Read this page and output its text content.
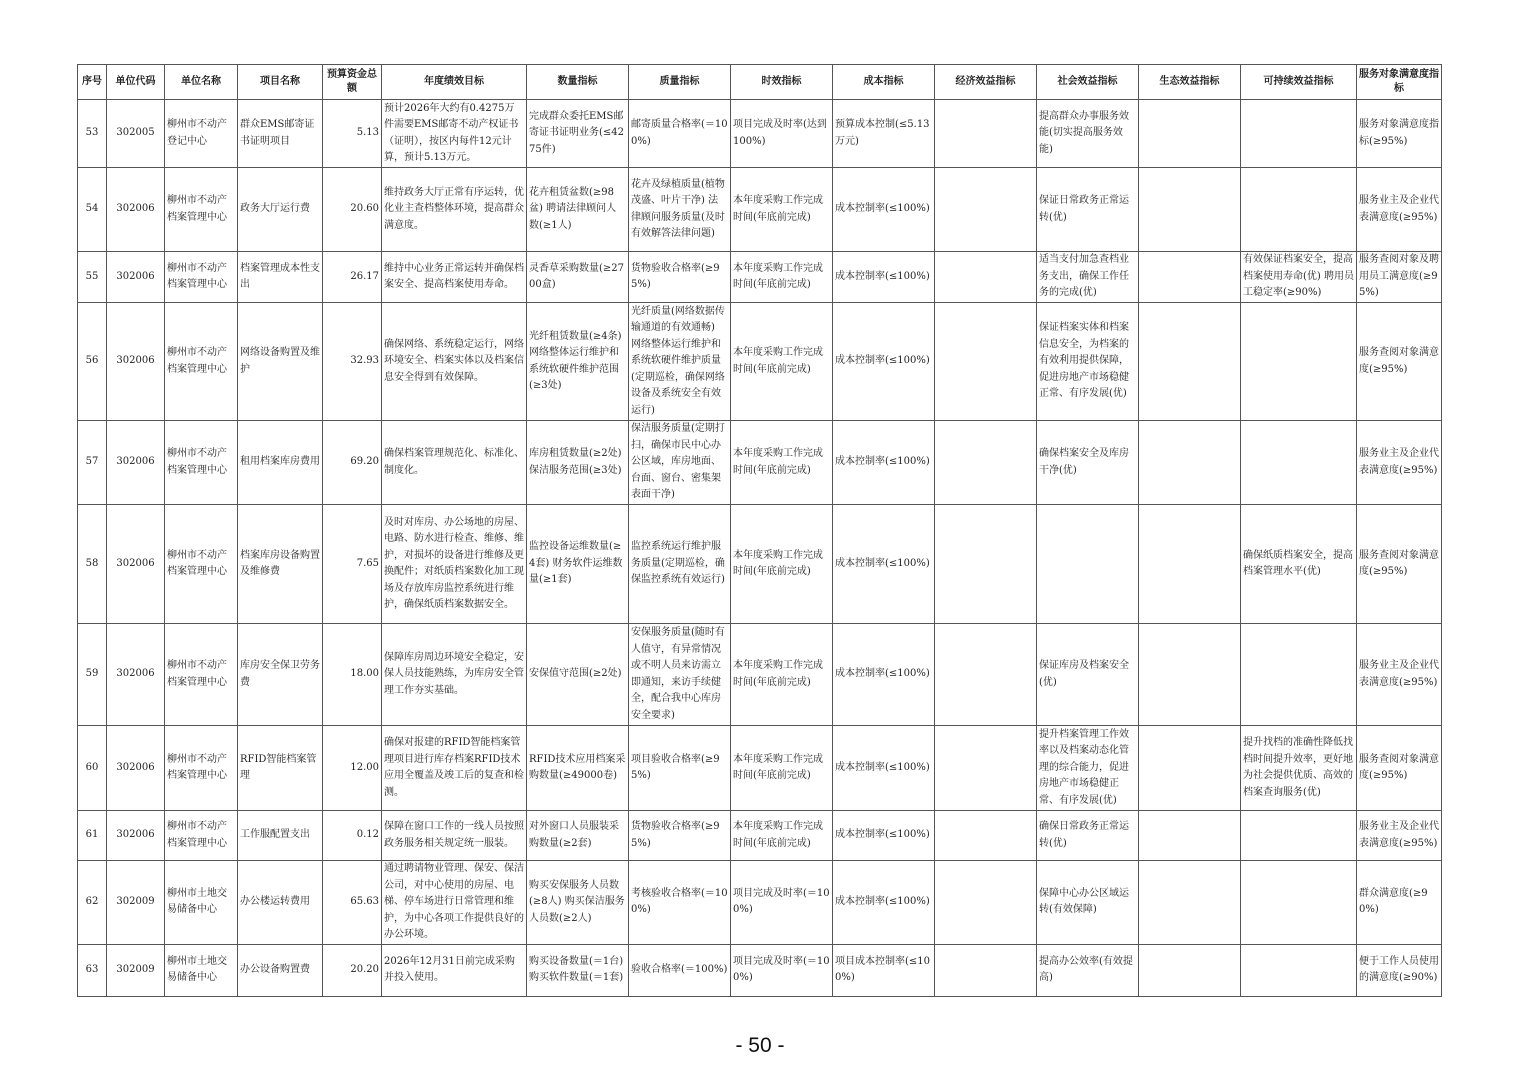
序号	单位代码	单位名称	项目名称	预算资金总额	年度绩效目标	数量指标	质量指标	时效指标	成本指标	经济效益指标	社会效益指标	生态效益指标	可持续效益指标	服务对象满意度指标
53	302005	柳州市不动产登记中心	群众EMS邮寄证书证明项目	5.13	预计2026年大约有0.4275万件需要EMS邮寄不动产权证书（证明），按区内每件12元计算，预计5.13万元。	完成群众委托EMS邮寄证书证明业务(≤4275件)	邮寄质量合格率(＝100%)	项目完成及时率(达到100%)	预算成本控制(≤5.13万元)		提高群众办事服务效能(切实提高服务效能)			服务对象满意度指标(≥95%)
54	302006	柳州市不动产档案管理中心	政务大厅运行费	20.60	维持政务大厅正常有序运转，优化业主查档整体环境，提高群众满意度。	花卉租赁盆数(≥98盆) 聘请法律顾问人数(≥1人)	花卉及绿植质量(植物茂盛、叶片干净) 法律顾问服务质量(及时有效解答法律问题)	本年度采购工作完成时间(年底前完成)	成本控制率(≤100%)		保证日常政务正常运转(优)			服务业主及企业代表满意度(≥95%)
55	302006	柳州市不动产档案管理中心	档案管理成本性支出	26.17	维持中心业务正常运转并确保档案安全、提高档案使用寿命。	灵香草采购数量(≥2700盒)	货物验收合格率(≥95%)	本年度采购工作完成时间(年底前完成)	成本控制率(≤100%)		适当支付加急查档业务支出，确保工作任务的完成(优)		有效保证档案安全，提高档案使用寿命(优) 聘用员工稳定率(≥90%)	服务查阅对象及聘用员工满意度(≥95%)
56	302006	柳州市不动产档案管理中心	网络设备购置及维护	32.93	确保网络、系统稳定运行，网络环境安全、档案实体以及档案信息安全得到有效保障。	光纤租赁数量(≥4条) 网络整体运行维护和系统软硬件维护范围(≥3处)	光纤质量(网络数据传输通道的有效通畅) 网络整体运行维护和系统软硬件维护质量(定期巡检，确保网络设备及系统安全有效运行)	本年度采购工作完成时间(年底前完成)	成本控制率(≤100%)		保证档案实体和档案信息安全，为档案的有效利用提供保障，促进房地产市场稳健正常、有序发展(优)			服务查阅对象满意度(≥95%)
57	302006	柳州市不动产档案管理中心	租用档案库房费用	69.20	确保档案管理规范化、标准化、制度化。	库房租赁数量(≥2处) 保洁服务范围(≥3处)	保洁服务质量(定期打扫，确保市民中心办公区域，库房地面、台面、窗台、密集架表面干净)	本年度采购工作完成时间(年底前完成)	成本控制率(≤100%)		确保档案安全及库房干净(优)			服务业主及企业代表满意度(≥95%)
58	302006	柳州市不动产档案管理中心	档案库房设备购置及维修费	7.65	及时对库房、办公场地的房屋、电路、防水进行检查、维修、维护，对损坏的设备进行维修及更换配件；对纸质档案数化加工现场及存放库房监控系统进行维护，确保纸质档案数据安全。	监控设备运维数量(≥4套) 财务软件运维数量(≥1套)	监控系统运行维护服务质量(定期巡检，确保监控系统有效运行)	本年度采购工作完成时间(年底前完成)	成本控制率(≤100%)				确保纸质档案安全，提高档案管理水平(优)	服务查阅对象满意度(≥95%)
59	302006	柳州市不动产档案管理中心	库房安全保卫劳务费	18.00	保障库房周边环境安全稳定，安保人员技能熟练，为库房安全管理工作夯实基础。	安保值守范围(≥2处)	安保服务质量(随时有人值守，有异常情况或不明人员来访需立即通知，来访手续健全，配合我中心库房安全要求)	本年度采购工作完成时间(年底前完成)	成本控制率(≤100%)		保证库房及档案安全(优)			服务业主及企业代表满意度(≥95%)
60	302006	柳州市不动产档案管理中心	RFID智能档案管理	12.00	确保对报建的RFID智能档案管理项目进行库存档案RFID技术应用全覆盖及竣工后的复查和检测。	RFID技术应用档案采购数量(≥49000卷)	项目验收合格率(≥95%)	本年度采购工作完成时间(年底前完成)	成本控制率(≤100%)		提升档案管理工作效率以及档案动态化管理的综合能力，促进房地产市场稳健正常、有序发展(优)		提升找档的准确性降低找档时间提升效率，更好地为社会提供优质、高效的档案查询服务(优)	服务查阅对象满意度(≥95%)
61	302006	柳州市不动产档案管理中心	工作服配置支出	0.12	保障在窗口工作的一线人员按照政务服务相关规定统一服装。	对外窗口人员服装采购数量(≥2套)	货物验收合格率(≥95%)	本年度采购工作完成时间(年底前完成)	成本控制率(≤100%)		确保日常政务正常运转(优)			服务业主及企业代表满意度(≥95%)
62	302009	柳州市土地交易储备中心	办公楼运转费用	65.63	通过聘请物业管理、保安、保洁公司，对中心使用的房屋、电梯、停车场进行日常管理和维护，为中心各项工作提供良好的办公环境。	购买安保服务人员数(≥8人) 购买保洁服务人员数(≥2人)	考核验收合格率(＝100%)	项目完成及时率(＝100%)	成本控制率(≤100%)		保障中心办公区域运转(有效保障)			群众满意度(≥90%)
63	302009	柳州市土地交易储备中心	办公设备购置费	20.20	2026年12月31日前完成采购并投入使用。	购买设备数量(＝1台) 购买软件数量(＝1套)	验收合格率(＝100%)	项目完成及时率(＝100%)	项目成本控制率(≤100%)		提高办公效率(有效提高)			便于工作人员使用的满意度(≥90%)
- 50 -
